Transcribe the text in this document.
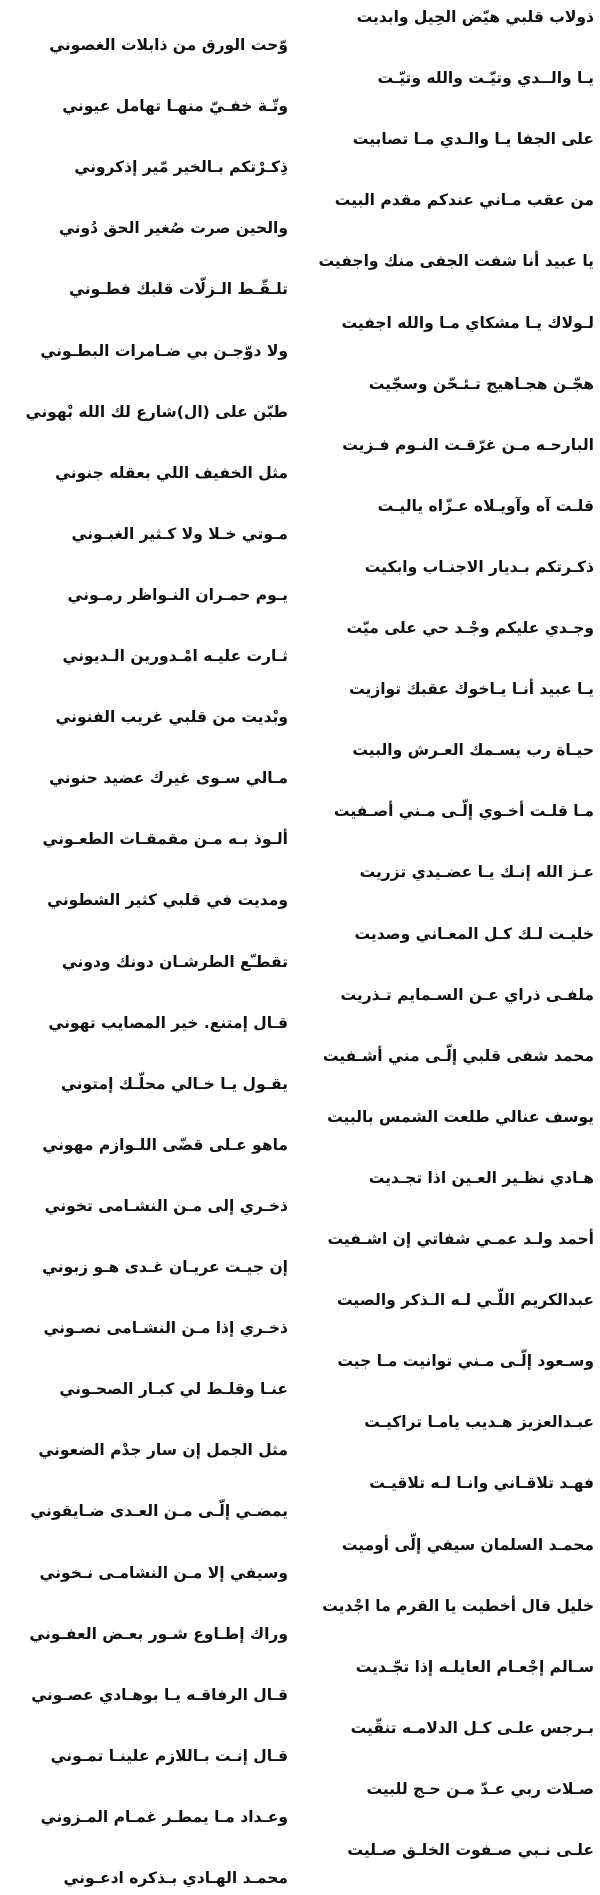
ذولاب قلبي هيّض الحِيل وابديت
وّحت الورق من ذابلات الغصوني
يـا والــدي وتيّـت والله وتيّـت
وتّـة خفـيّ منهـا تهامل عيوني
على الجفا يـا والـدي مـا تصابيت
ذِكـرْتكم بـالخير مّير إذكروني
من عقب مـاني عندكم مقدم البيت
والحين صرت صُغير الحق دُوني
يا عبيد أنا شفت الجفى منك واجفيت
تلـقّـط الـزلّات قلبك فطـوني
لـولاك يـا مشكاي مـا والله اجفيت
ولا دوّجـن بي ضـامرات البطـوني
هجّـن هجـاهيج تـئـحّن وسجّيت
طبّن على (ال)شارع لك الله بْهوني
البارحـه مـن غرّقـت النـوم فـزيت
مثل الخفيف اللي بعقله جنوني
قلـت آه وآويـلاه عـزّاه ياليـت
مـوتي خـلا ولا كـثير الغبـوني
ذكـرتكم بـديار الاجنـاب وابكيت
يـوم حمـران النـواظر رمـوني
وجـدي عليكم وجْـد حي على ميّت
ثـارت عليـه امْـدورين الـديوني
يـا عبيد أنـا يـاخوك عقبك توازيت
وبْديت من قلبي غريب الفنوني
حيـاة رب يسـمك العـرش والبيت
مـالي سـوى غيرك عضيد حنوني
مـا قلـت أخـوي إلّـى مـني أصـفيت
ألـوذ بـه مـن مقمقـات الطعـوني
عـز الله إنـك يـا عضـيدي تزريت
ومديت في قلبي كثير الشطوني
خليـت لـك كـل المعـاني وصديت
تقطـّع الطرشـان دونك ودوني
ملفـى ذراي عـن السـمايم تـذريت
قـال إمتنع. خير المصايب تهوني
محمد شفى قلبي إلّـى مني أشـفيت
يقـول يـا خـالي محلّـك إمتوني
يوسف عنالي طلعت الشمس بالبيت
ماهو عـلى قضّى اللـوازم مهوني
هـادي نظـير العـين اذا تجـديت
ذخـري إلى مـن النشـامى تخوني
أحمد ولـد عمـي شفاتي إن اشـفيت
إن جيـت عريـان غـدى هـو زبوني
عبدالكريم اللّـي لـه الـذكر والصيت
ذخـري إذا مـن النشـامى نصـوني
وسـعود إلّـى مـني توانيت مـا جيت
عنـا وقلـط لي كبـار الصحـوني
عبـدالعزيز هـديب يامـا تراكيـت
مثل الجمل إن سار جدْم الضعوني
فهـد تلاقـاني وانـا لـه تلاقيـت
يمضـي إلّـى مـن العـدى ضـايقوني
محمـد السلمان سيفي إلّى أوميت
وسيفي إلا مـن النشامـى نـخوني
خليل قال أخطيت يا القرم ما اجْديت
وراك إطـاوع شـور بعـض العفـوني
سـالم إجْعـام العايلـه إذا تجّـديت
قـال الرفاقـه يـا بوهـادي عصـوني
بـرجس علـى كـل الدلامـه تنقّيت
قـال إنـت بـاللازم علينـا تمـوني
صـلات ربي عـدّ مـن حـج للبيت
وعـداد مـا يمطـر غمـام المـزوني
علـى نـبي صـفوت الخلـق صـليت
محمـد الهـادي بـذكره ادعـوني
